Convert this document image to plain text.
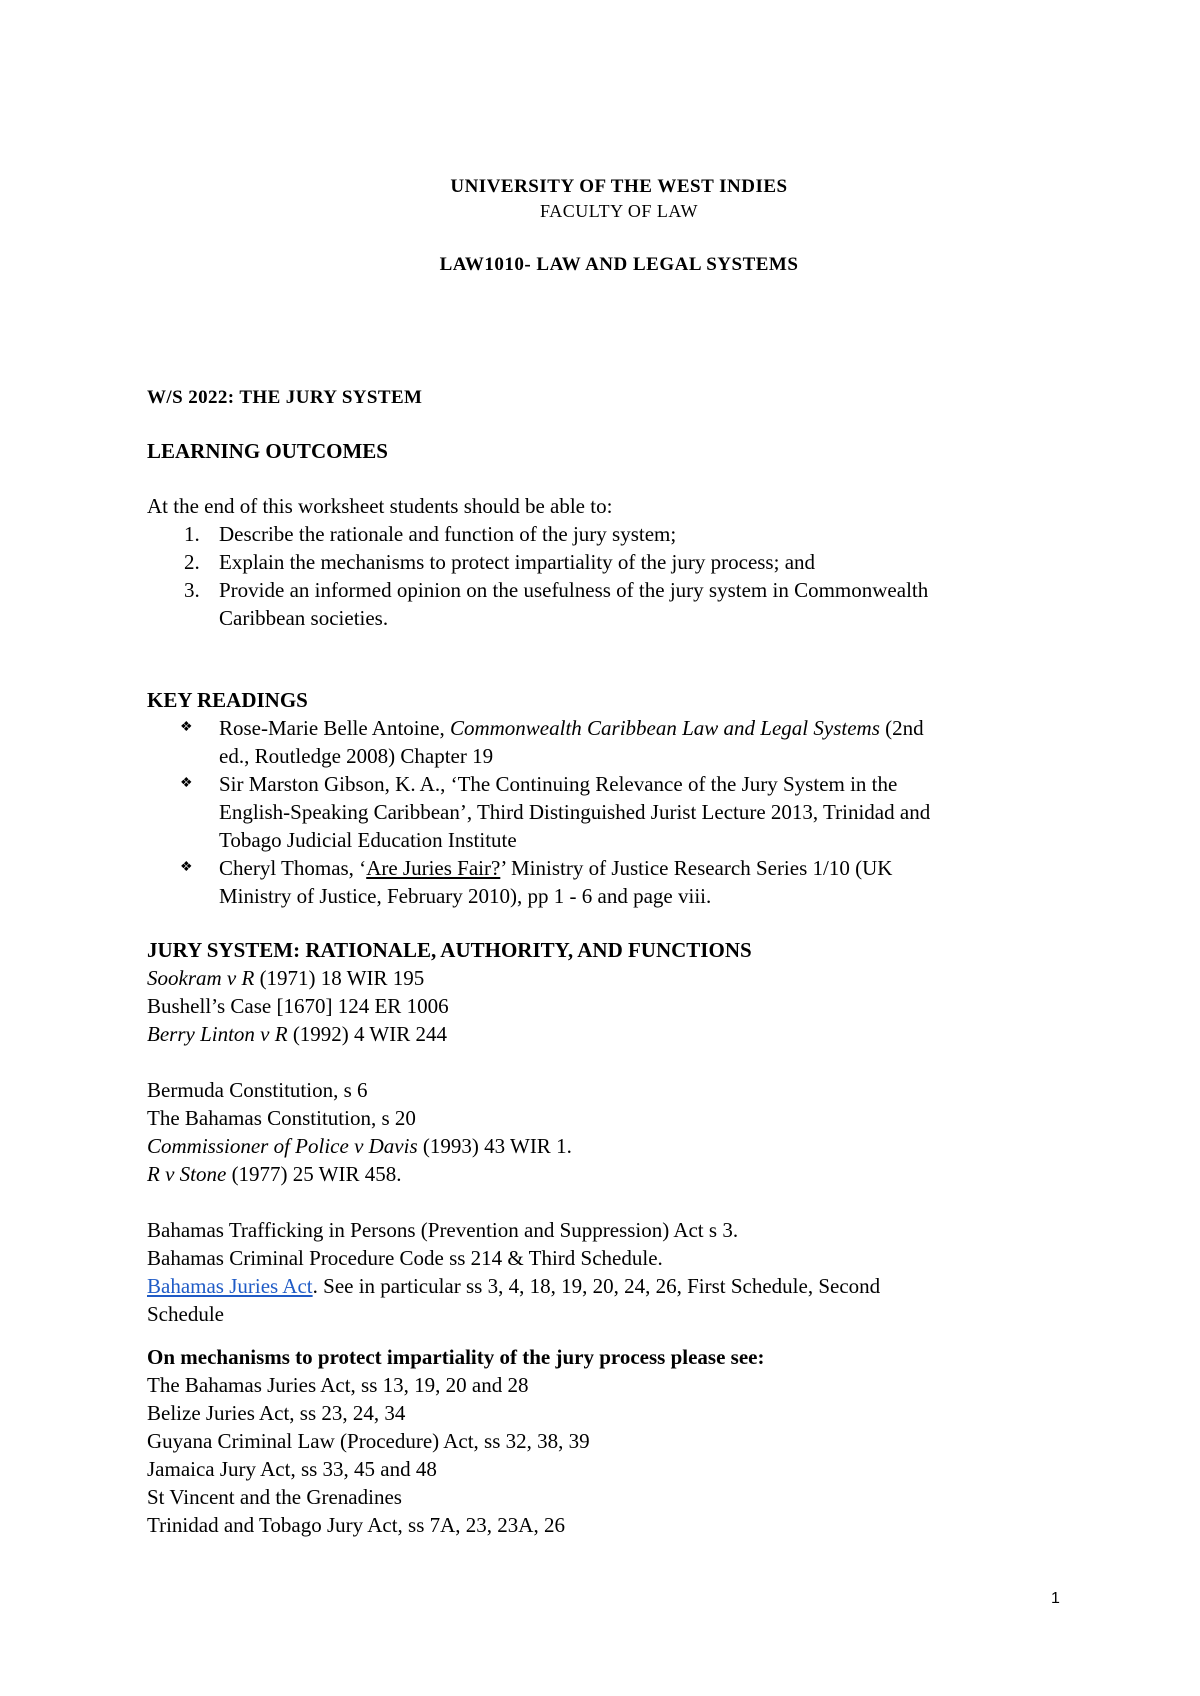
UNIVERSITY OF THE WEST INDIES
FACULTY OF LAW
LAW1010- LAW AND LEGAL SYSTEMS
W/S 2022: THE JURY SYSTEM
LEARNING OUTCOMES
At the end of this worksheet students should be able to:
1. Describe the rationale and function of the jury system;
2. Explain the mechanisms to protect impartiality of the jury process; and
3. Provide an informed opinion on the usefulness of the jury system in Commonwealth
Caribbean societies.
KEY READINGS
❖ Rose-Marie Belle Antoine, Commonwealth Caribbean Law and Legal Systems (2nd
ed., Routledge 2008) Chapter 19
❖ Sir Marston Gibson, K. A., ‘The Continuing Relevance of the Jury System in the
English-Speaking Caribbean’, Third Distinguished Jurist Lecture 2013, Trinidad and
Tobago Judicial Education Institute
❖ Cheryl Thomas, ‘Are Juries Fair?’ Ministry of Justice Research Series 1/10 (UK
Ministry of Justice, February 2010), pp 1 - 6 and page viii.
JURY SYSTEM: RATIONALE, AUTHORITY, AND FUNCTIONS
Sookram v R (1971) 18 WIR 195
Bushell’s Case [1670] 124 ER 1006
Berry Linton v R (1992) 4 WIR 244
Bermuda Constitution, s 6
The Bahamas Constitution, s 20
Commissioner of Police v Davis (1993) 43 WIR 1.
R v Stone (1977) 25 WIR 458.
Bahamas Trafficking in Persons (Prevention and Suppression) Act s 3.
Bahamas Criminal Procedure Code ss 214 & Third Schedule.
Bahamas Juries Act. See in particular ss 3, 4, 18, 19, 20, 24, 26, First Schedule, Second
Schedule
On mechanisms to protect impartiality of the jury process please see:
The Bahamas Juries Act, ss 13, 19, 20 and 28
Belize Juries Act, ss 23, 24, 34
Guyana Criminal Law (Procedure) Act, ss 32, 38, 39
Jamaica Jury Act, ss 33, 45 and 48
St Vincent and the Grenadines
Trinidad and Tobago Jury Act, ss 7A, 23, 23A, 26
1
